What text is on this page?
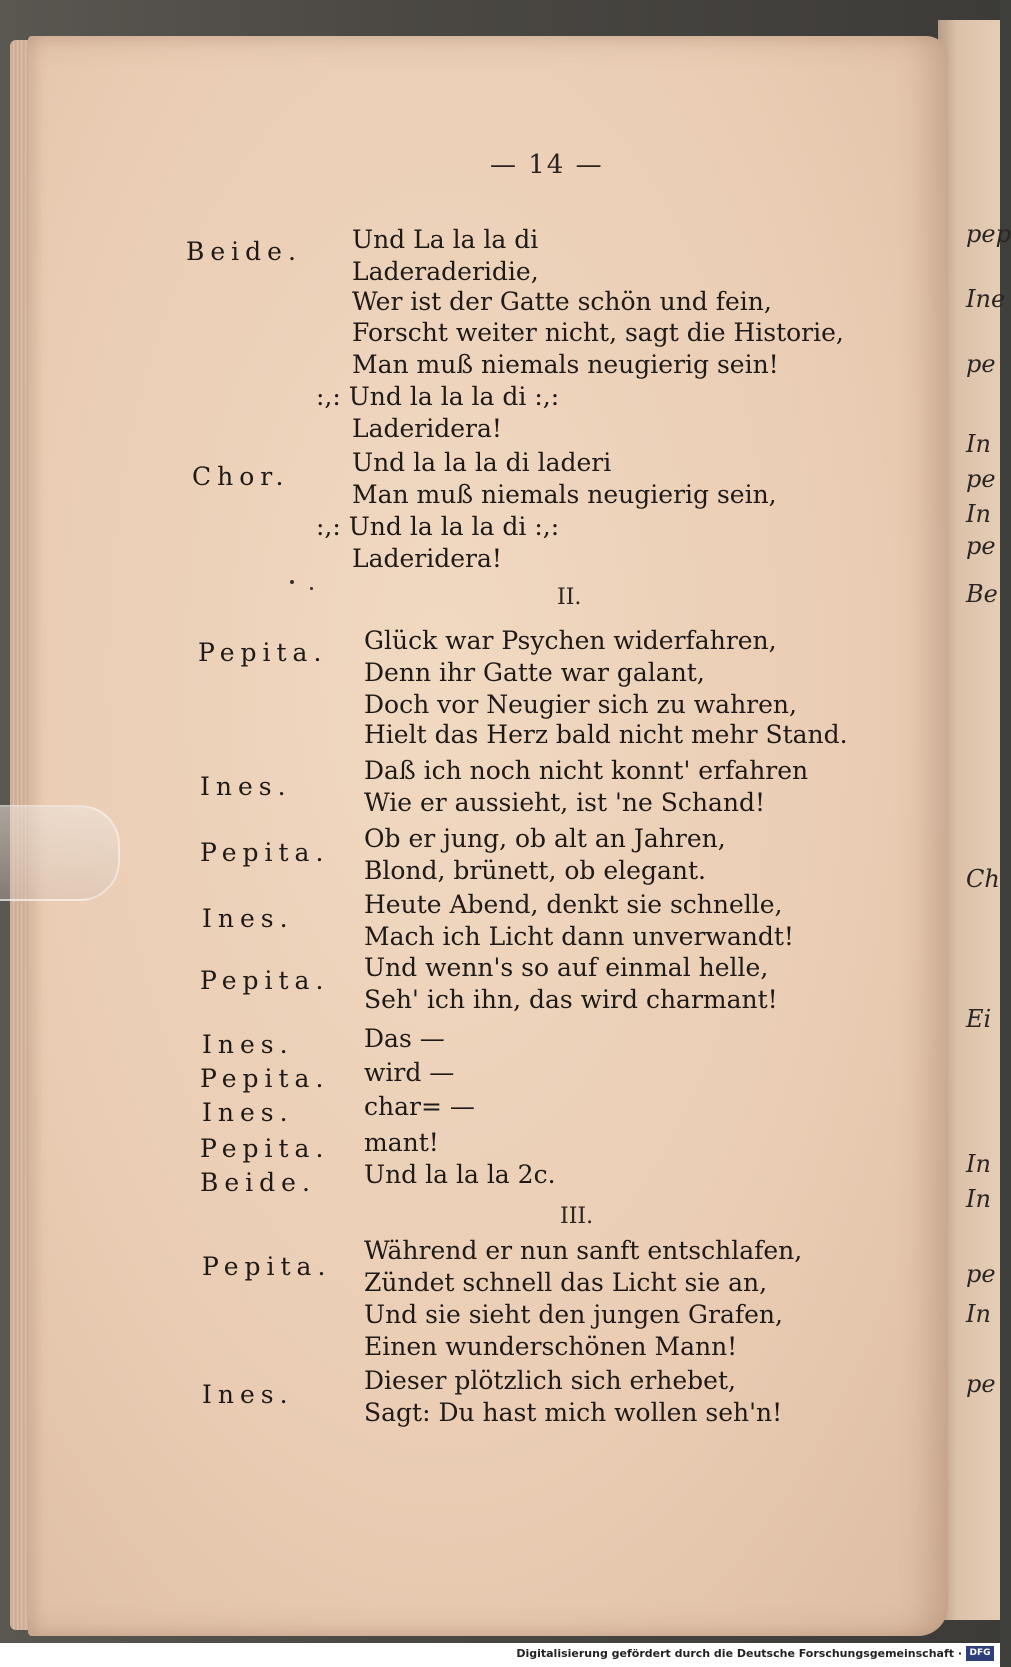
pep
Ine
pe
In
pe
In
pe
Be
Ch
Ei
In
In
pe
In
pe
— 14 —
Beide. Und La la la di
Laderaderidie,
Wer ist der Gatte schön und fein,
Forscht weiter nicht, sagt die Historie,
Man muß niemals neugierig sein!
:,: Und la la la di :,:
Laderidera!
Chor.	Und la la la di laderi
Man muß niemals neugierig sein,
:,: Und la la la di :,:
Laderidera!
II.
Pepita. Glück war Psychen widerfahren,
Denn ihr Gatte war galant,
Doch vor Neugier sich zu wahren,
Hielt das Herz bald nicht mehr Stand.
Ines.
Daß ich noch nicht konnt' erfahren
Wie er aussieht, ist 'ne Schand!
Pepita. Ob er jung, ob alt an Jahren,
Blond, brünett, ob elegant.
Ines.	Heute Abend, denkt sie schnelle,
Mach ich Licht dann unverwandt!
Pepita. Und wenn's so auf einmal helle,
Seh' ich ihn, das wird charmant!
Ines.	Das —
Pepita. wird —
Ines.	char= —
Pepita. mant!
Beide. Und la la la 2c.
III.
Pepita.
Während er nun sanft entschlafen,
Zündet schnell das Licht sie an,
Und sie sieht den jungen Grafen,
Einen wunderschönen Mann!
Ines.	Dieser plötzlich sich erhebet,
Sagt: Du hast mich wollen seh'n!
Digitalisierung gefördert durch die Deutsche Forschungsgemeinschaft · DFG
